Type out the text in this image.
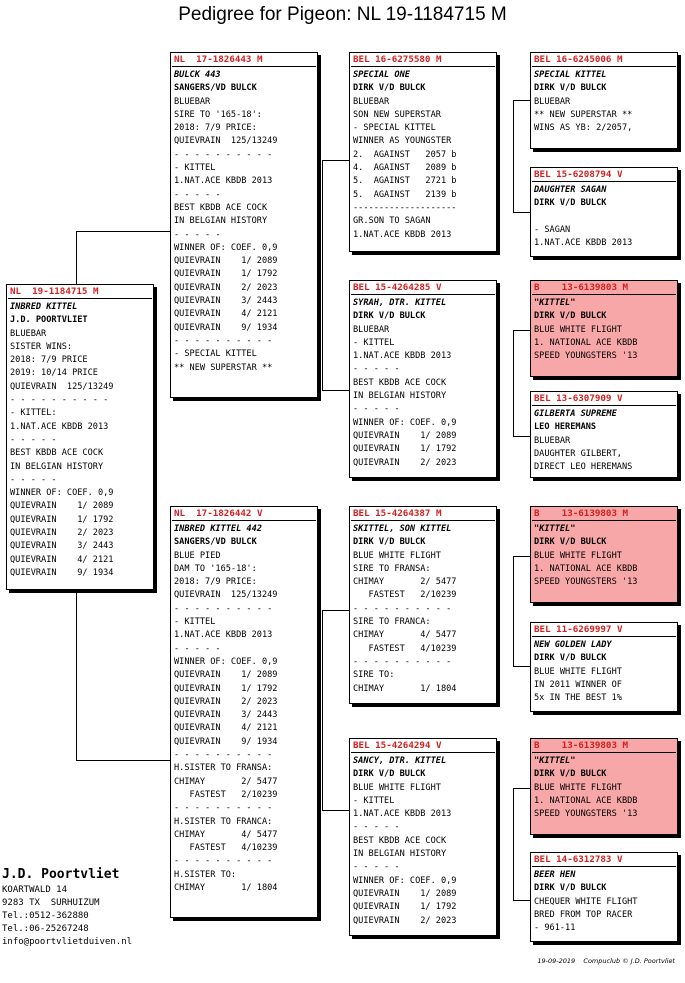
Pedigree for Pigeon: NL 19-1184715 M
NL  19-1184715 M
INBRED KITTEL
J.D. POORTVLIET
BLUEBAR
SISTER WINS:
2018: 7/9 PRICE
2019: 10/14 PRICE
QUIEVRAIN  125/13249
- - - - - - - - - -
- KITTEL:
1.NAT.ACE KBDB 2013
- - - - -
BEST KBDB ACE COCK
IN BELGIAN HISTORY
- - - - -
WINNER OF: COEF. 0,9
QUIEVRAIN    1/ 2089
QUIEVRAIN    1/ 1792
QUIEVRAIN    2/ 2023
QUIEVRAIN    3/ 2443
QUIEVRAIN    4/ 2121
QUIEVRAIN    9/ 1934
NL  17-1826443 M
BULCK 443
SANGERS/VD BULCK
BLUEBAR
SIRE TO '165-18':
2018: 7/9 PRICE:
QUIEVRAIN  125/13249
- - - - - - - - - -
- KITTEL
1.NAT.ACE KBDB 2013
- - - - -
BEST KBDB ACE COCK
IN BELGIAN HISTORY
- - - - -
WINNER OF: COEF. 0,9
QUIEVRAIN    1/ 2089
QUIEVRAIN    1/ 1792
QUIEVRAIN    2/ 2023
QUIEVRAIN    3/ 2443
QUIEVRAIN    4/ 2121
QUIEVRAIN    9/ 1934
- - - - - - - - - -
- SPECIAL KITTEL
** NEW SUPERSTAR **
NL  17-1826442 V
INBRED KITTEL 442
SANGERS/VD BULCK
BLUE PIED
DAM TO '165-18':
2018: 7/9 PRICE:
QUIEVRAIN  125/13249
- - - - - - - - - -
- KITTEL
1.NAT.ACE KBDB 2013
- - - - -
WINNER OF: COEF. 0,9
QUIEVRAIN    1/ 2089
QUIEVRAIN    1/ 1792
QUIEVRAIN    2/ 2023
QUIEVRAIN    3/ 2443
QUIEVRAIN    4/ 2121
QUIEVRAIN    9/ 1934
- - - - - - - - - -
H.SISTER TO FRANSA:
CHIMAY       2/ 5477
FASTEST   2/10239
- - - - - - - - - -
H.SISTER TO FRANCA:
CHIMAY       4/ 5477
FASTEST   4/10239
- - - - - - - - - -
H.SISTER TO:
CHIMAY       1/ 1804
BEL 16-6275580 M
SPECIAL ONE
DIRK V/D BULCK
BLUEBAR
SON NEW SUPERSTAR
- SPECIAL KITTEL
WINNER AS YOUNGSTER
2.  AGAINST   2057 b
4.  AGAINST   2089 b
5.  AGAINST   2721 b
5.  AGAINST   2139 b
--------------------
GR.SON TO SAGAN
1.NAT.ACE KBDB 2013
BEL 15-4264285 V
SYRAH, DTR. KITTEL
DIRK V/D BULCK
BLUEBAR
- KITTEL
1.NAT.ACE KBDB 2013
- - - - -
BEST KBDB ACE COCK
IN BELGIAN HISTORY
- - - - -
WINNER OF: COEF. 0,9
QUIEVRAIN    1/ 2089
QUIEVRAIN    1/ 1792
QUIEVRAIN    2/ 2023
BEL 15-4264387 M
SKITTEL, SON KITTEL
DIRK V/D BULCK
BLUE WHITE FLIGHT
SIRE TO FRANSA:
CHIMAY       2/ 5477
FASTEST   2/10239
- - - - - - - - - -
SIRE TO FRANCA:
CHIMAY       4/ 5477
FASTEST   4/10239
- - - - - - - - - -
SIRE TO:
CHIMAY       1/ 1804
BEL 15-4264294 V
SANCY, DTR. KITTEL
DIRK V/D BULCK
BLUE WHITE FLIGHT
- KITTEL
1.NAT.ACE KBDB 2013
- - - - -
BEST KBDB ACE COCK
IN BELGIAN HISTORY
- - - - -
WINNER OF: COEF. 0,9
QUIEVRAIN    1/ 2089
QUIEVRAIN    1/ 1792
QUIEVRAIN    2/ 2023
BEL 16-6245006 M
SPECIAL KITTEL
DIRK V/D BULCK
BLUEBAR
** NEW SUPERSTAR **
WINS AS YB: 2/2057,
BEL 15-6208794 V
DAUGHTER SAGAN
DIRK V/D BULCK
- SAGAN
1.NAT.ACE KBDB 2013
B    13-6139803 M
"KITTEL"
DIRK V/D BULCK
BLUE WHITE FLIGHT
1. NATIONAL ACE KBDB
SPEED YOUNGSTERS '13
BEL 13-6307909 V
GILBERTA SUPREME
LEO HEREMANS
BLUEBAR
DAUGHTER GILBERT,
DIRECT LEO HEREMANS
B    13-6139803 M
"KITTEL"
DIRK V/D BULCK
BLUE WHITE FLIGHT
1. NATIONAL ACE KBDB
SPEED YOUNGSTERS '13
BEL 11-6269997 V
NEW GOLDEN LADY
DIRK V/D BULCK
BLUE WHITE FLIGHT
IN 2011 WINNER OF
5x IN THE BEST 1%
B    13-6139803 M
"KITTEL"
DIRK V/D BULCK
BLUE WHITE FLIGHT
1. NATIONAL ACE KBDB
SPEED YOUNGSTERS '13
BEL 14-6312783 V
BEER HEN
DIRK V/D BULCK
CHEQUER WHITE FLIGHT
BRED FROM TOP RACER
- 961-11
J.D. Poortvliet
KOARTWALD 14
9283 TX  SURHUIZUM
Tel.:0512-362880
Tel.:06-25267248
info@poortvlietduiven.nl
19-09-2019    Compuclub © J.D. Poortvliet
